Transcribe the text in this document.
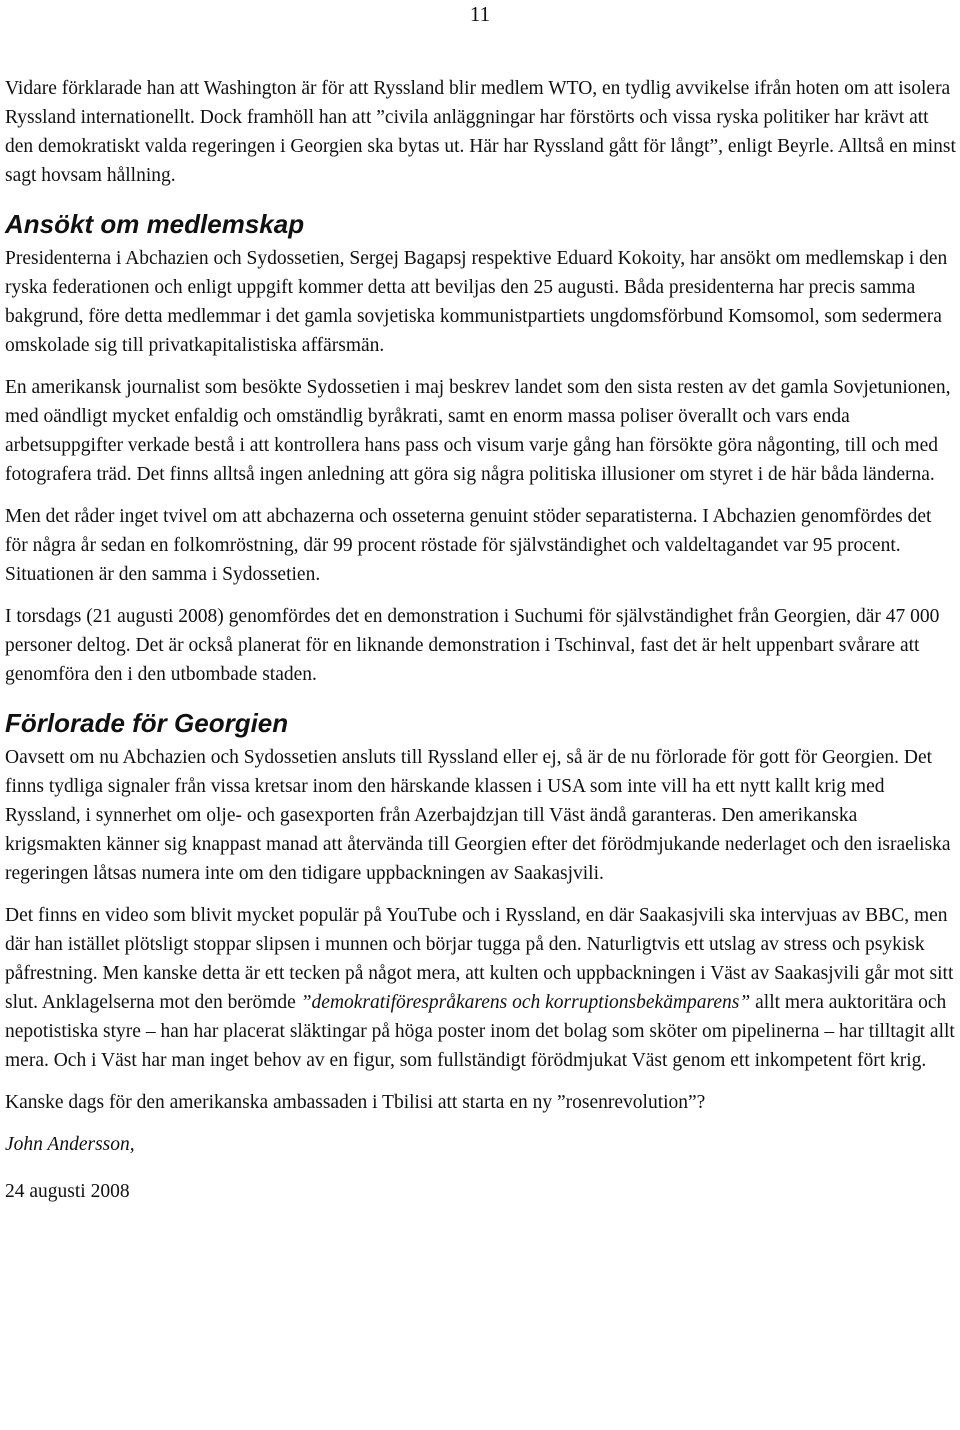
11

Vidare förklarade han att Washington är för att Ryssland blir medlem WTO, en tydlig avvikelse ifrån hoten om att isolera Ryssland internationellt. Dock framhöll han att ”civila anläggningar har förstörts och vissa ryska politiker har krävt att den demokratiskt valda regeringen i Georgien ska bytas ut. Här har Ryssland gått för långt”, enligt Beyrle. Alltså en minst sagt hovsam hållning.

Ansökt om medlemskap

Presidenterna i Abchazien och Sydossetien, Sergej Bagapsj respektive Eduard Kokoity, har ansökt om medlemskap i den ryska federationen och enligt uppgift kommer detta att beviljas den 25 augusti. Båda presidenterna har precis samma bakgrund, före detta medlemmar i det gamla sovjetiska kommunistpartiets ungdomsförbund Komsomol, som sedermera omskolade sig till privatkapitalistiska affärsmän.

En amerikansk journalist som besökte Sydossetien i maj beskrev landet som den sista resten av det gamla Sovjetunionen, med oändligt mycket enfaldig och omständlig byråkrati, samt en enorm massa poliser överallt och vars enda arbetsuppgifter verkade bestå i att kontrollera hans pass och visum varje gång han försökte göra någonting, till och med fotografera träd. Det finns alltså ingen anledning att göra sig några politiska illusioner om styret i de här båda länderna.

Men det råder inget tvivel om att abchazerna och osseterna genuint stöder separatisterna. I Abchazien genomfördes det för några år sedan en folkomröstning, där 99 procent röstade för självständighet och valdeltagandet var 95 procent. Situationen är den samma i Sydossetien.

I torsdags (21 augusti 2008) genomfördes det en demonstration i Suchumi för självständighet från Georgien, där 47 000 personer deltog. Det är också planerat för en liknande demonstration i Tschinval, fast det är helt uppenbart svårare att genomföra den i den utbombade staden.

Förlorade för Georgien

Oavsett om nu Abchazien och Sydossetien ansluts till Ryssland eller ej, så är de nu förlorade för gott för Georgien. Det finns tydliga signaler från vissa kretsar inom den härskande klassen i USA som inte vill ha ett nytt kallt krig med Ryssland, i synnerhet om olje- och gasexporten från Azerbajdzjan till Väst ändå garanteras. Den amerikanska krigsmakten känner sig knappast manad att återvända till Georgien efter det förödmjukande nederlaget och den israeliska regeringen låtsas numera inte om den tidigare uppbackningen av Saakasjvili.

Det finns en video som blivit mycket populär på YouTube och i Ryssland, en där Saakasjvili ska intervjuas av BBC, men där han istället plötsligt stoppar slipsen i munnen och börjar tugga på den. Naturligtvis ett utslag av stress och psykisk påfrestning. Men kanske detta är ett tecken på något mera, att kulten och uppbackningen i Väst av Saakasjvili går mot sitt slut. Anklagelserna mot den berömde ”demokratiförespråkarens och korruptionsbekämparens” allt mera auktoritära och nepotistiska styre – han har placerat släktingar på höga poster inom det bolag som sköter om pipelinerna – har tilltagit allt mera. Och i Väst har man inget behov av en figur, som fullständigt förödmjukat Väst genom ett inkompetent fört krig.

Kanske dags för den amerikanska ambassaden i Tbilisi att starta en ny ”rosenrevolution”?

John Andersson,

24 augusti 2008
